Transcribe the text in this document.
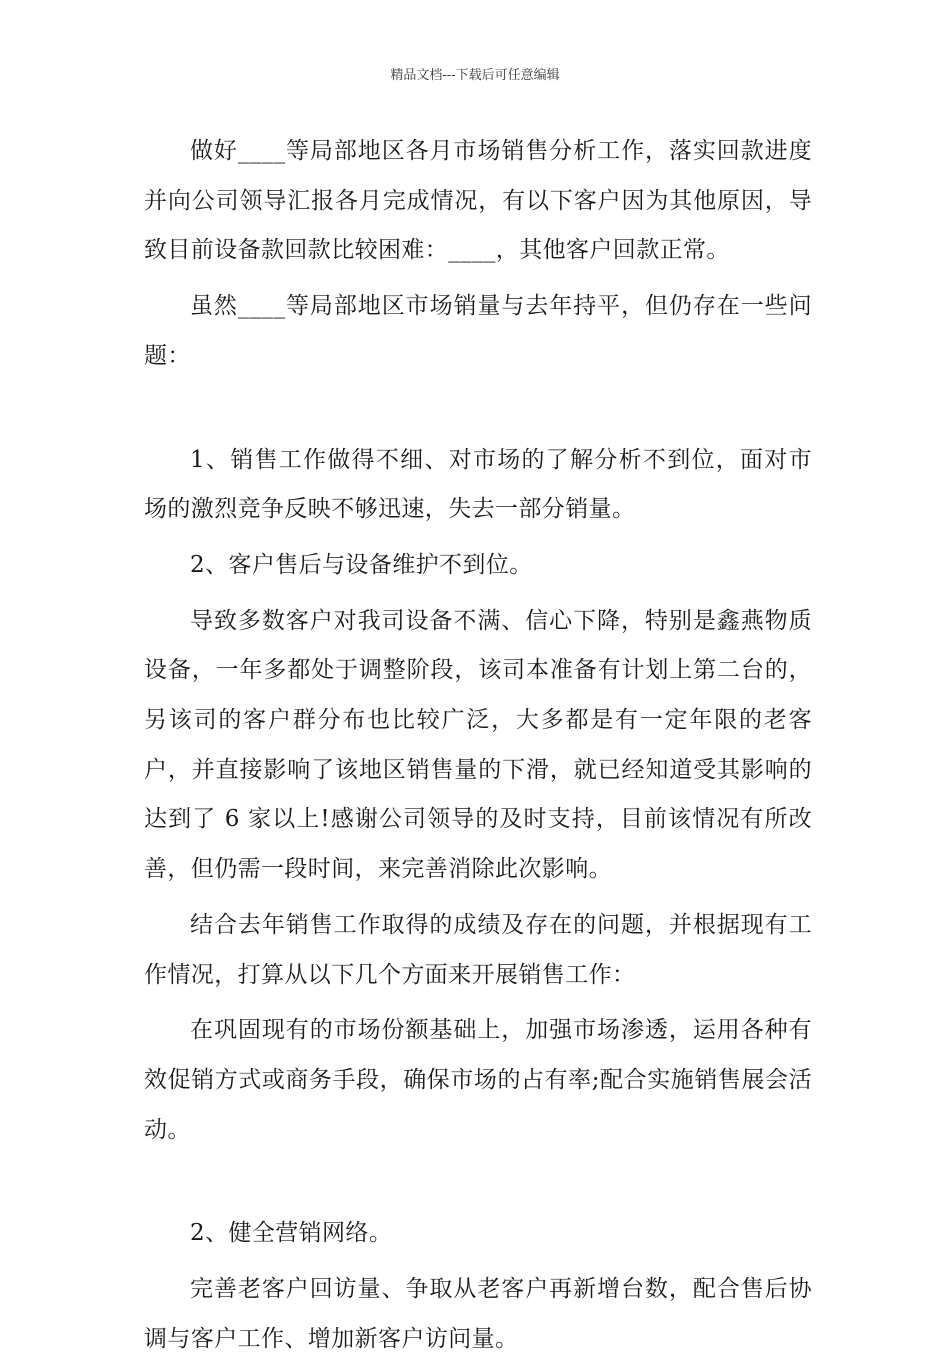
精品文档---下载后可任意编辑

做好____等局部地区各月市场销售分析工作，落实回款进度并向公司领导汇报各月完成情况，有以下客户因为其他原因，导致目前设备款回款比较困难：____，其他客户回款正常。

虽然____等局部地区市场销量与去年持平，但仍存在一些问题：

1、销售工作做得不细、对市场的了解分析不到位，面对市场的激烈竞争反映不够迅速，失去一部分销量。

2、客户售后与设备维护不到位。

导致多数客户对我司设备不满、信心下降，特别是鑫燕物质设备，一年多都处于调整阶段，该司本准备有计划上第二台的，另该司的客户群分布也比较广泛，大多都是有一定年限的老客户，并直接影响了该地区销售量的下滑，就已经知道受其影响的达到了 6 家以上!感谢公司领导的及时支持，目前该情况有所改善，但仍需一段时间，来完善消除此次影响。

结合去年销售工作取得的成绩及存在的问题，并根据现有工作情况，打算从以下几个方面来开展销售工作：

在巩固现有的市场份额基础上，加强市场渗透，运用各种有效促销方式或商务手段，确保市场的占有率;配合实施销售展会活动。

2、健全营销网络。

完善老客户回访量、争取从老客户再新增台数，配合售后协调与客户工作、增加新客户访问量。
